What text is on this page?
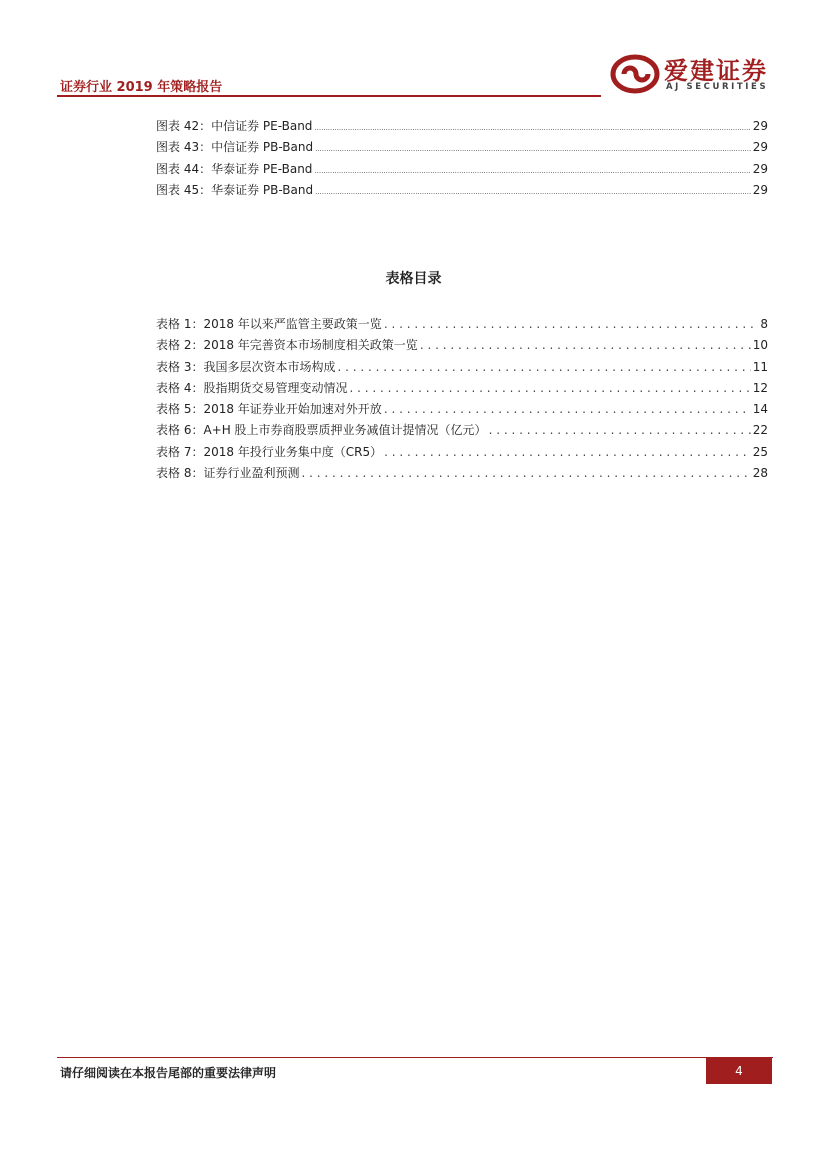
证券行业 2019 年策略报告
爱建证券
AJ SECURITIES
图表 42：中信证券 PE-Band .....	29
图表 43：中信证券 PB-Band .....	29
图表 44：华泰证券 PE-Band .....	29
图表 45：华泰证券 PB-Band .....	29
表格目录
表格 1：2018 年以来严监管主要政策一览 . . .	8
表格 2：2018 年完善资本市场制度相关政策一览 . . .	10
表格 3：我国多层次资本市场构成 . . .	11
表格 4：股指期货交易管理变动情况 . . .	12
表格 5：2018 年证券业开始加速对外开放 . . .	14
表格 6：A+H 股上市券商股票质押业务减值计提情况（亿元） . . .	22
表格 7：2018 年投行业务集中度（CR5） . . .	25
表格 8：证券行业盈利预测 . . .	28
请仔细阅读在本报告尾部的重要法律声明	4
